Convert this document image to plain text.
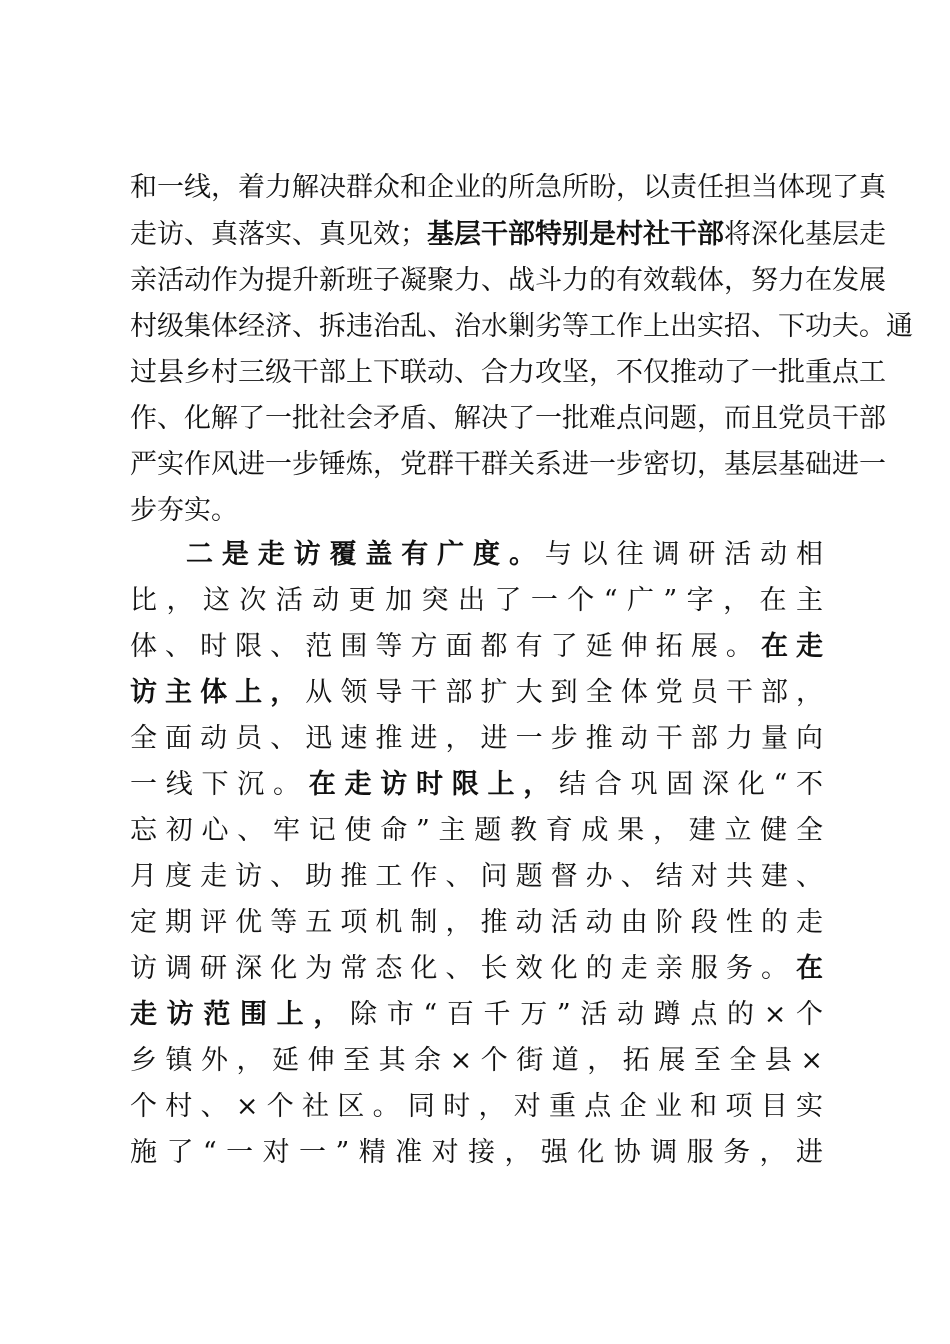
和一线，着力解决群众和企业的所急所盼，以责任担当体现了真
走访、真落实、真见效；基层干部特别是村社干部将深化基层走
亲活动作为提升新班子凝聚力、战斗力的有效载体，努力在发展
村级集体经济、拆违治乱、治水剿劣等工作上出实招、下功夫。通
过县乡村三级干部上下联动、合力攻坚，不仅推动了一批重点工
作、化解了一批社会矛盾、解决了一批难点问题，而且党员干部
严实作风进一步锤炼，党群干群关系进一步密切，基层基础进一
步夯实。
二是走访覆盖有广度。与以往调研活动相
比，这次活动更加突出了一个“广”字，在主
体、时限、范围等方面都有了延伸拓展。在走
访主体上，从领导干部扩大到全体党员干部，
全面动员、迅速推进，进一步推动干部力量向
一线下沉。在走访时限上，结合巩固深化“不
忘初心、牢记使命”主题教育成果，建立健全
月度走访、助推工作、问题督办、结对共建、
定期评优等五项机制，推动活动由阶段性的走
访调研深化为常态化、长效化的走亲服务。在
走访范围上，除市“百千万”活动蹲点的×个
乡镇外，延伸至其余×个街道，拓展至全县×
个村、×个社区。同时，对重点企业和项目实
施了“一对一”精准对接，强化协调服务，进
